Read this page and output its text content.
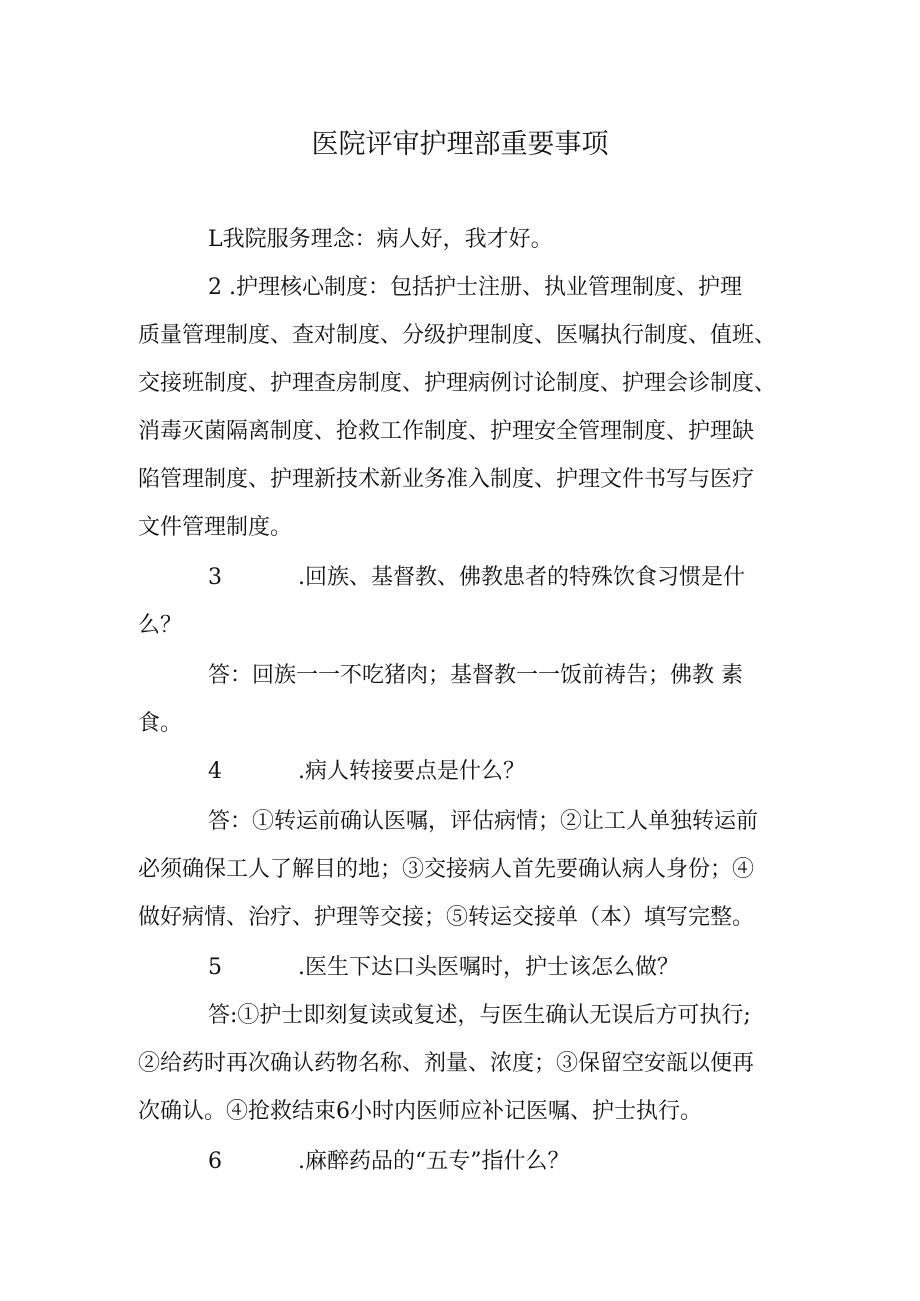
医院评审护理部重要事项
L我院服务理念：病人好，我才好。
2 .护理核心制度：包括护士注册、执业管理制度、护理
质量管理制度、查对制度、分级护理制度、医嘱执行制度、值班、
交接班制度、护理查房制度、护理病例讨论制度、护理会诊制度、
消毒灭菌隔离制度、抢救工作制度、护理安全管理制度、护理缺
陷管理制度、护理新技术新业务准入制度、护理文件书写与医疗
文件管理制度。
3	.回族、基督教、佛教患者的特殊饮食习惯是什
么？
答：回族一一不吃猪肉；基督教一一饭前祷告；佛教 素
食。
4	.病人转接要点是什么？
答：①转运前确认医嘱，评估病情；②让工人单独转运前
必须确保工人了解目的地；③交接病人首先要确认病人身份；④
做好病情、治疗、护理等交接；⑤转运交接单（本）填写完整。
5	.医生下达口头医嘱时，护士该怎么做？
答:①护士即刻复读或复述，与医生确认无误后方可执行;
②给药时再次确认药物名称、剂量、浓度；③保留空安瓿以便再
次确认。④抢救结束6小时内医师应补记医嘱、护士执行。
6	.麻醉药品的“五专”指什么？
